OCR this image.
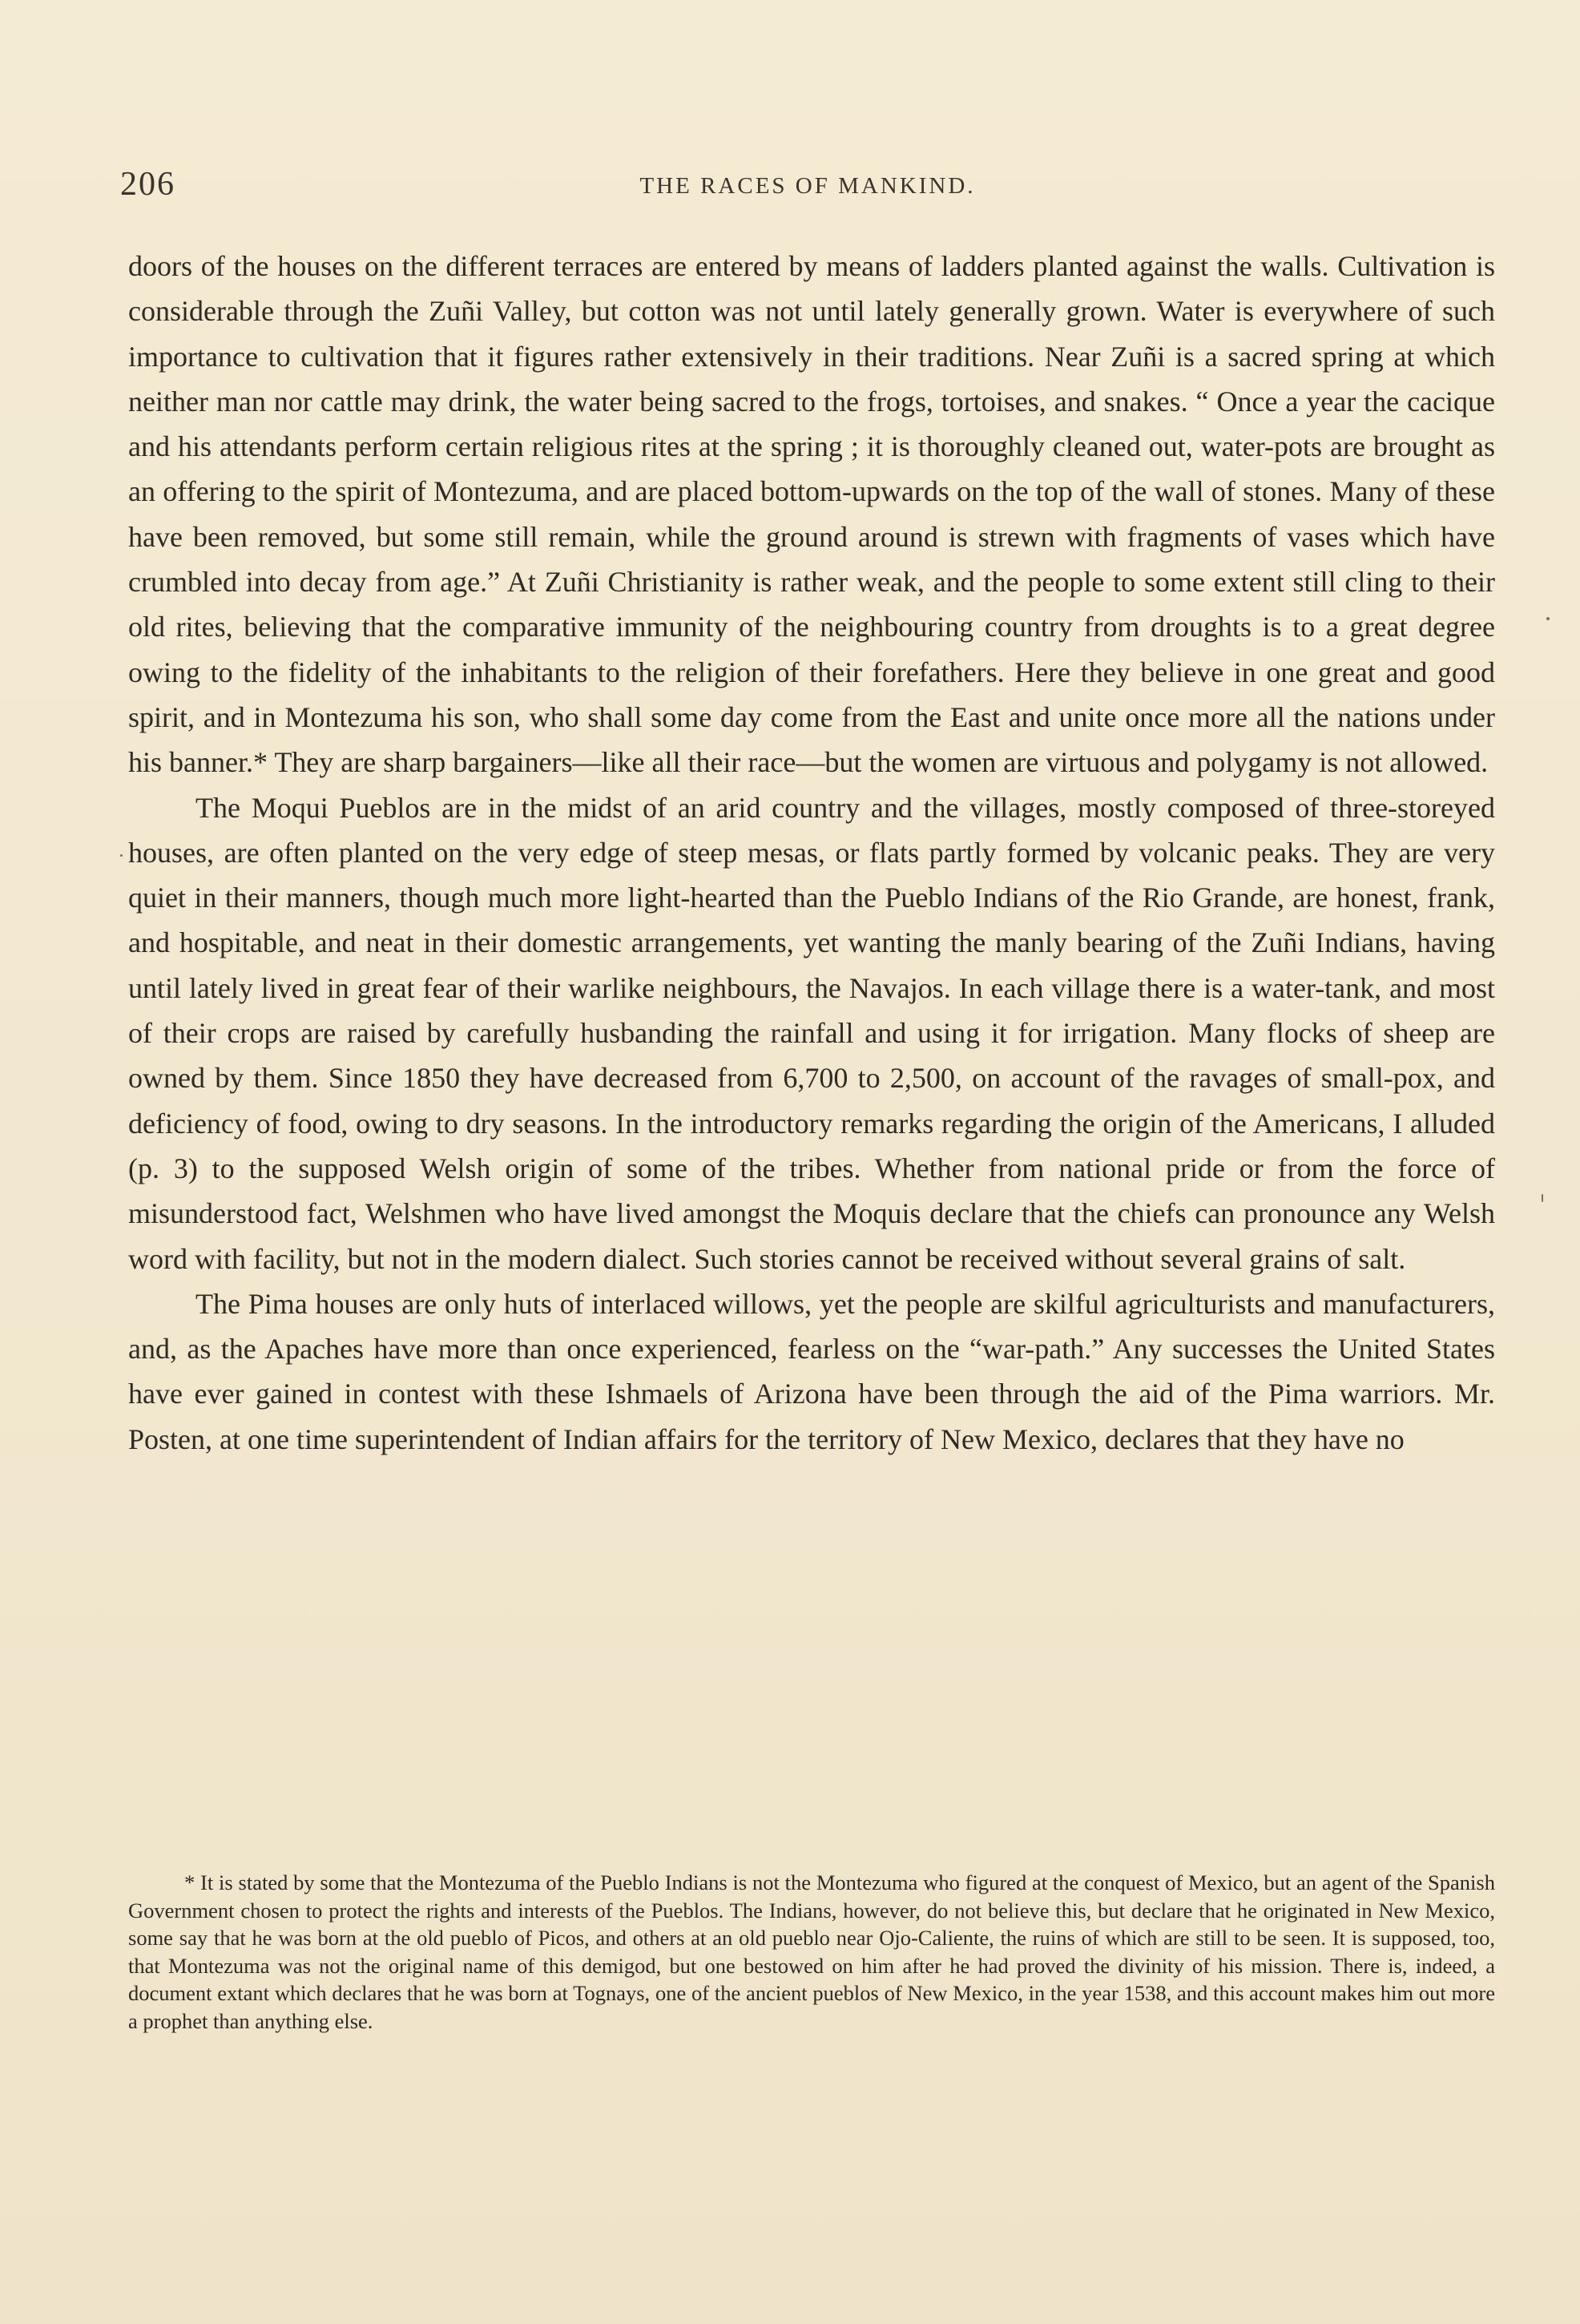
206	THE RACES OF MANKIND.

doors of the houses on the different terraces are entered by means of ladders planted against the walls. Cultivation is considerable through the Zuñi Valley, but cotton was not until lately generally grown. Water is everywhere of such importance to cultivation that it figures rather extensively in their traditions. Near Zuñi is a sacred spring at which neither man nor cattle may drink, the water being sacred to the frogs, tortoises, and snakes. “ Once a year the cacique and his attendants perform certain religious rites at the spring ; it is thoroughly cleaned out, water-pots are brought as an offering to the spirit of Montezuma, and are placed bottom-upwards on the top of the wall of stones. Many of these have been removed, but some still remain, while the ground around is strewn with fragments of vases which have crumbled into decay from age.” At Zuñi Christianity is rather weak, and the people to some extent still cling to their old rites, believing that the comparative immunity of the neighbouring country from droughts is to a great degree owing to the fidelity of the inhabitants to the religion of their forefathers. Here they believe in one great and good spirit, and in Montezuma his son, who shall some day come from the East and unite once more all the nations under his banner.* They are sharp bargainers—like all their race—but the women are virtuous and polygamy is not allowed.

The Moqui Pueblos are in the midst of an arid country and the villages, mostly composed of three-storeyed houses, are often planted on the very edge of steep mesas, or flats partly formed by volcanic peaks. They are very quiet in their manners, though much more light-hearted than the Pueblo Indians of the Rio Grande, are honest, frank, and hospitable, and neat in their domestic arrangements, yet wanting the manly bearing of the Zuñi Indians, having until lately lived in great fear of their warlike neighbours, the Navajos. In each village there is a water-tank, and most of their crops are raised by carefully husbanding the rainfall and using it for irrigation. Many flocks of sheep are owned by them. Since 1850 they have decreased from 6,700 to 2,500, on account of the ravages of small-pox, and deficiency of food, owing to dry seasons. In the introductory remarks regarding the origin of the Americans, I alluded (p. 3) to the supposed Welsh origin of some of the tribes. Whether from national pride or from the force of misunderstood fact, Welshmen who have lived amongst the Moquis declare that the chiefs can pronounce any Welsh word with facility, but not in the modern dialect. Such stories cannot be received without several grains of salt.

The Pima houses are only huts of interlaced willows, yet the people are skilful agriculturists and manufacturers, and, as the Apaches have more than once experienced, fearless on the “war-path.” Any successes the United States have ever gained in contest with these Ishmaels of Arizona have been through the aid of the Pima warriors. Mr. Posten, at one time superintendent of Indian affairs for the territory of New Mexico, declares that they have no

* It is stated by some that the Montezuma of the Pueblo Indians is not the Montezuma who figured at the conquest of Mexico, but an agent of the Spanish Government chosen to protect the rights and interests of the Pueblos. The Indians, however, do not believe this, but declare that he originated in New Mexico, some say that he was born at the old pueblo of Picos, and others at an old pueblo near Ojo-Caliente, the ruins of which are still to be seen. It is supposed, too, that Montezuma was not the original name of this demigod, but one bestowed on him after he had proved the divinity of his mission. There is, indeed, a document extant which declares that he was born at Tognays, one of the ancient pueblos of New Mexico, in the year 1538, and this account makes him out more a prophet than anything else.
